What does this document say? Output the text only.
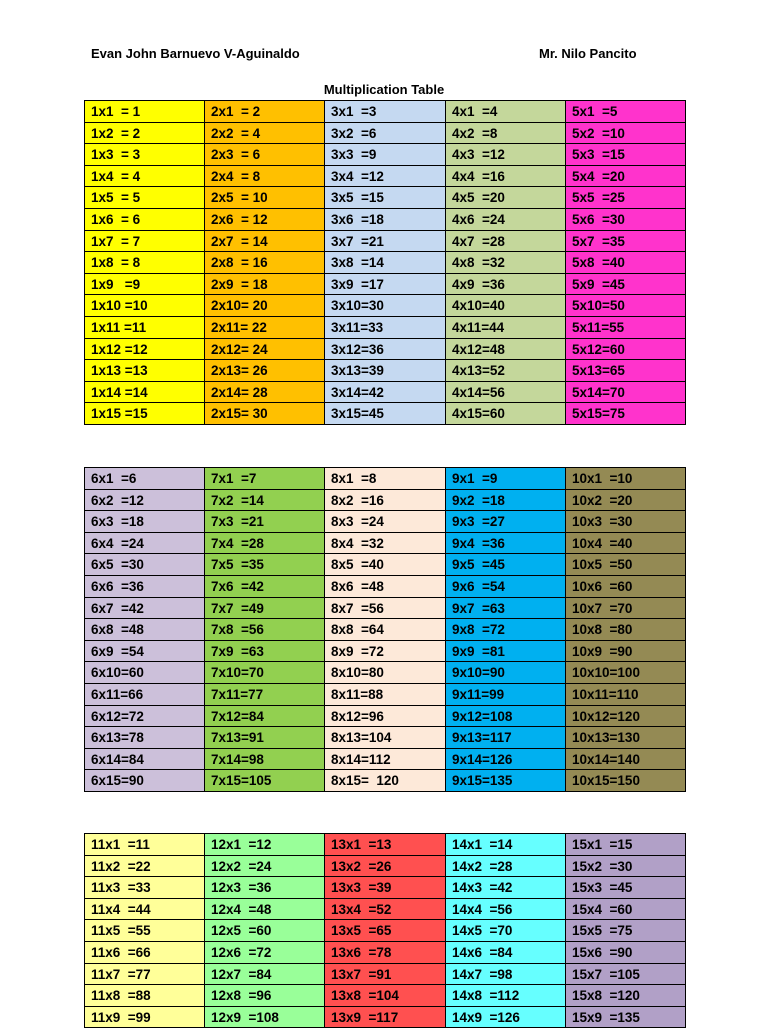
Evan John Barnuevo V-Aguinaldo	Mr. Nilo Pancito
Multiplication Table
1x1  = 1	2x1  = 2	3x1  =3	4x1  =4	5x1  =5
1x2  = 2	2x2  = 4	3x2  =6	4x2  =8	5x2  =10
1x3  = 3	2x3  = 6	3x3  =9	4x3  =12	5x3  =15
1x4  = 4	2x4  = 8	3x4  =12	4x4  =16	5x4  =20
1x5  = 5	2x5  = 10	3x5  =15	4x5  =20	5x5  =25
1x6  = 6	2x6  = 12	3x6  =18	4x6  =24	5x6  =30
1x7  = 7	2x7  = 14	3x7  =21	4x7  =28	5x7  =35
1x8  = 8	2x8  = 16	3x8  =14	4x8  =32	5x8  =40
1x9   =9	2x9  = 18	3x9  =17	4x9  =36	5x9  =45
1x10 =10	2x10= 20	3x10=30	4x10=40	5x10=50
1x11 =11	2x11= 22	3x11=33	4x11=44	5x11=55
1x12 =12	2x12= 24	3x12=36	4x12=48	5x12=60
1x13 =13	2x13= 26	3x13=39	4x13=52	5x13=65
1x14 =14	2x14= 28	3x14=42	4x14=56	5x14=70
1x15 =15	2x15= 30	3x15=45	4x15=60	5x15=75
6x1  =6	7x1  =7	8x1  =8	9x1  =9	10x1  =10
6x2  =12	7x2  =14	8x2  =16	9x2  =18	10x2  =20
6x3  =18	7x3  =21	8x3  =24	9x3  =27	10x3  =30
6x4  =24	7x4  =28	8x4  =32	9x4  =36	10x4  =40
6x5  =30	7x5  =35	8x5  =40	9x5  =45	10x5  =50
6x6  =36	7x6  =42	8x6  =48	9x6  =54	10x6  =60
6x7  =42	7x7  =49	8x7  =56	9x7  =63	10x7  =70
6x8  =48	7x8  =56	8x8  =64	9x8  =72	10x8  =80
6x9  =54	7x9  =63	8x9  =72	9x9  =81	10x9  =90
6x10=60	7x10=70	8x10=80	9x10=90	10x10=100
6x11=66	7x11=77	8x11=88	9x11=99	10x11=110
6x12=72	7x12=84	8x12=96	9x12=108	10x12=120
6x13=78	7x13=91	8x13=104	9x13=117	10x13=130
6x14=84	7x14=98	8x14=112	9x14=126	10x14=140
6x15=90	7x15=105	8x15=  120	9x15=135	10x15=150
11x1  =11	12x1  =12	13x1  =13	14x1  =14	15x1  =15
11x2  =22	12x2  =24	13x2  =26	14x2  =28	15x2  =30
11x3  =33	12x3  =36	13x3  =39	14x3  =42	15x3  =45
11x4  =44	12x4  =48	13x4  =52	14x4  =56	15x4  =60
11x5  =55	12x5  =60	13x5  =65	14x5  =70	15x5  =75
11x6  =66	12x6  =72	13x6  =78	14x6  =84	15x6  =90
11x7  =77	12x7  =84	13x7  =91	14x7  =98	15x7  =105
11x8  =88	12x8  =96	13x8  =104	14x8  =112	15x8  =120
11x9  =99	12x9  =108	13x9  =117	14x9  =126	15x9  =135
